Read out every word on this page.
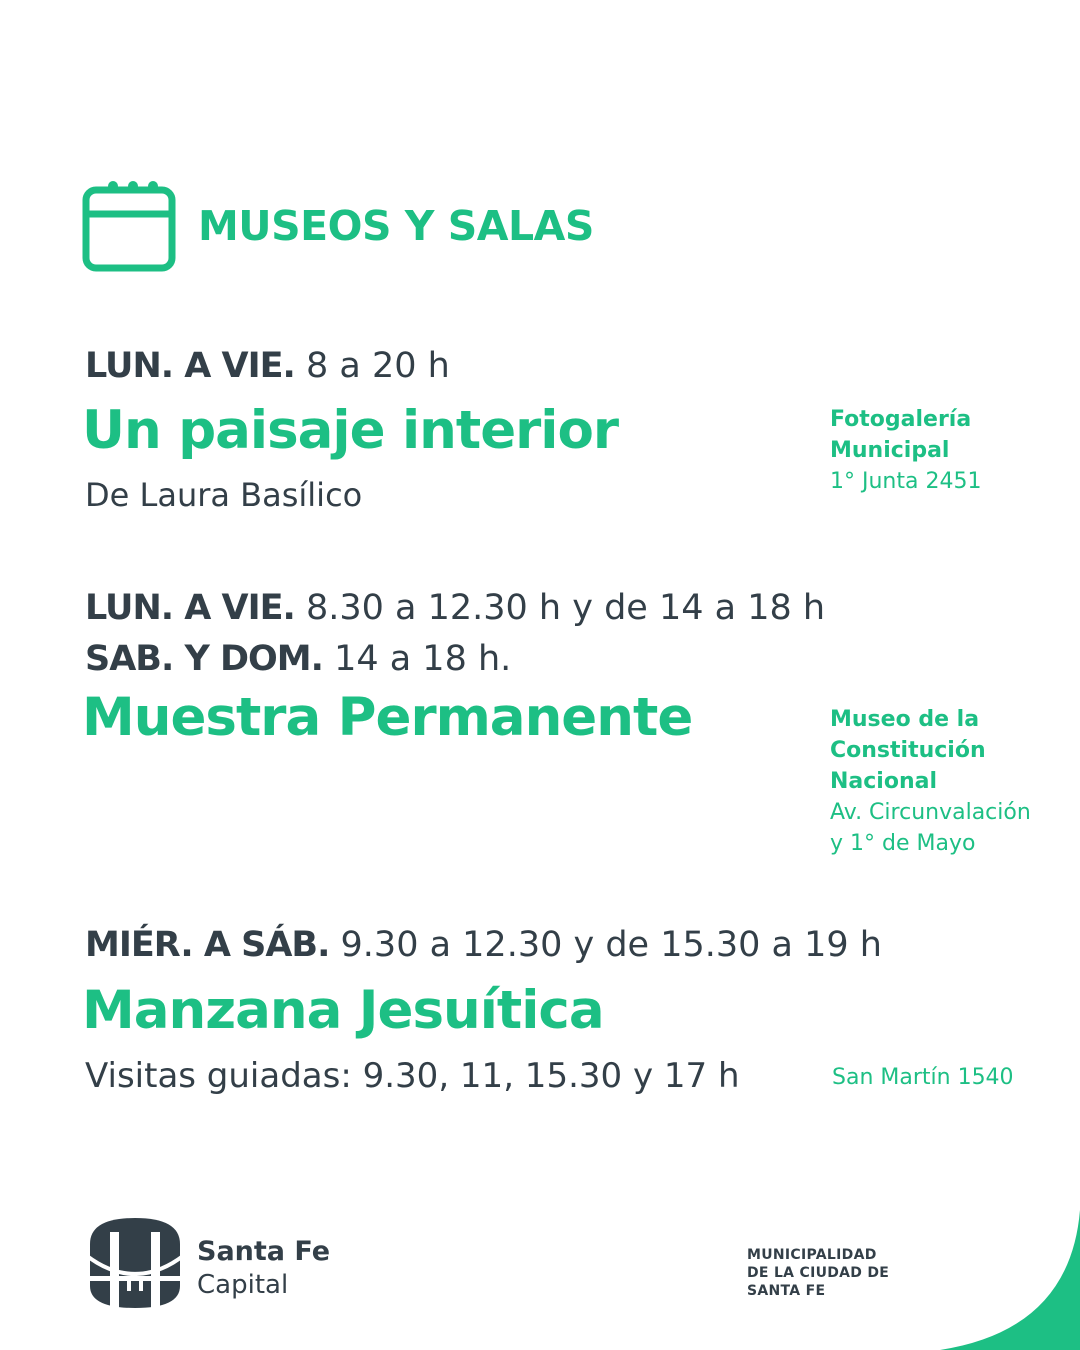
MUSEOS Y SALAS
LUN. A VIE. 8 a 20 h
Un paisaje interior
De Laura Basílico
Fotogalería
Municipal
1° Junta 2451
LUN. A VIE. 8.30 a 12.30 h y de 14 a 18 h
SAB. Y DOM. 14 a 18 h.
Muestra Permanente	Museo de la
Constitución
Nacional
Av. Circunvalación
y 1° de Mayo
MIÉR. A SÁB. 9.30 a 12.30 y de 15.30 a 19 h
Manzana Jesuítica
Visitas guiadas: 9.30, 11, 15.30 y 17 h	San Martín 1540
Santa Fe
Capital
MUNICIPALIDAD
DE LA CIUDAD DE
SANTA FE
